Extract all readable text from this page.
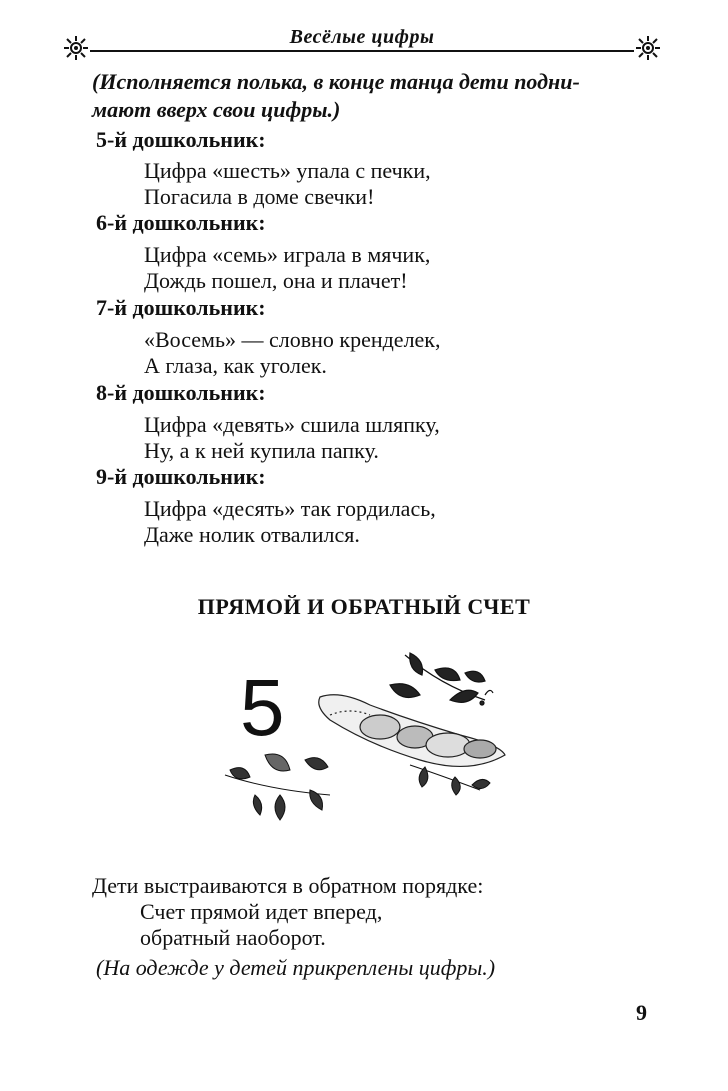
Весёлые цифры
(Исполняется полька, в конце танца дети подни-
мают вверх свои цифры.)
5-й дошкольник:
Цифра «шесть» упала с печки,
Погасила в доме свечки!
6-й дошкольник:
Цифра «семь» играла в мячик,
Дождь пошел, она и плачет!
7-й дошкольник:
«Восемь» — словно кренделек,
А глаза, как уголек.
8-й дошкольник:
Цифра «девять» сшила шляпку,
Ну, а к ней купила папку.
9-й дошкольник:
Цифра «десять» так гордилась,
Даже нолик отвалился.
ПРЯМОЙ И ОБРАТНЫЙ СЧЕТ
5
Дети выстраиваются в обратном порядке:
Счет прямой идет вперед,
обратный наоборот.
(На одежде у детей прикреплены цифры.)
9
